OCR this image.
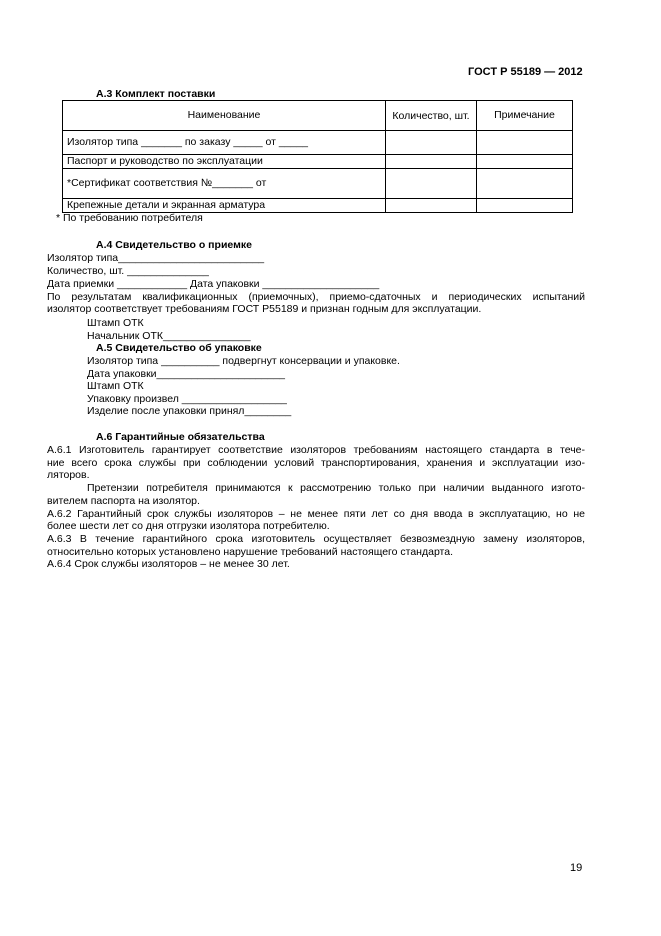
ГОСТ Р 55189 — 2012
А.3 Комплект поставки
Наименование	Количество, шт.	Примечание
Изолятор типа _______ по заказу _____ от _____		
Паспорт и руководство по эксплуатации		
*Сертификат соответствия №_______ от		
Крепежные детали и экранная арматура		
* По требованию потребителя
А.4 Свидетельство о приемке
Изолятор типа_________________________
Количество, шт. ______________
Дата приемки ____________ Дата упаковки ____________________
По результатам квалификационных (приемочных), приемо-сдаточных и периодических испытаний
изолятор соответствует требованиям ГОСТ Р55189 и признан годным для эксплуатации.
Штамп ОТК
Начальник ОТК_______________
А.5 Свидетельство об упаковке
Изолятор типа __________ подвергнут консервации и упаковке.
Дата упаковки______________________
Штамп ОТК
Упаковку произвел __________________
Изделие после упаковки принял________
А.6 Гарантийные обязательства
А.6.1 Изготовитель гарантирует соответствие изоляторов требованиям настоящего стандарта в тече-
ние всего срока службы при соблюдении условий транспортирования, хранения и эксплуатации изо-
ляторов.
Претензии потребителя принимаются к рассмотрению только при наличии выданного изгото-
вителем паспорта на изолятор.
А.6.2 Гарантийный срок службы изоляторов – не менее пяти лет со дня ввода в эксплуатацию, но не
более шести лет со дня отгрузки изолятора потребителю.
А.6.3 В течение гарантийного срока изготовитель осуществляет безвозмездную замену изоляторов,
относительно которых установлено нарушение требований настоящего стандарта.
А.6.4 Срок службы изоляторов – не менее 30 лет.
19
